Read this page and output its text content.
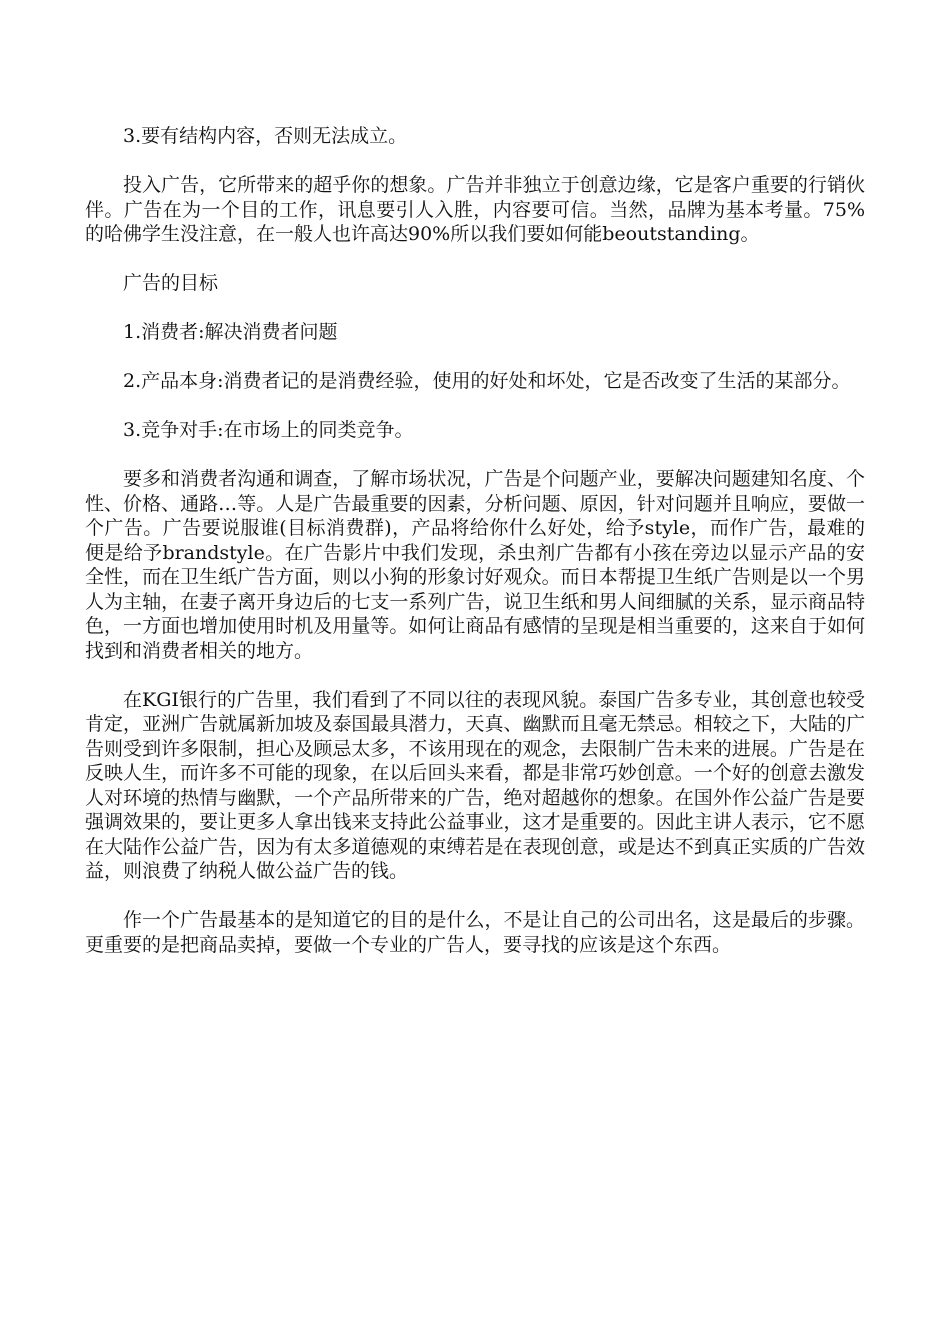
3.要有结构内容，否则无法成立。

投入广告，它所带来的超乎你的想象。广告并非独立于创意边缘，它是客户重要的行销伙伴。广告在为一个目的工作，讯息要引人入胜，内容要可信。当然，品牌为基本考量。75%的哈佛学生没注意，在一般人也许高达90%所以我们要如何能beoutstanding。

广告的目标

1.消费者:解决消费者问题

2.产品本身:消费者记的是消费经验，使用的好处和坏处，它是否改变了生活的某部分。

3.竞争对手:在市场上的同类竞争。

要多和消费者沟通和调查，了解市场状况，广告是个问题产业，要解决问题建知名度、个性、价格、通路…等。人是广告最重要的因素，分析问题、原因，针对问题并且响应，要做一个广告。广告要说服谁(目标消费群)，产品将给你什么好处，给予style，而作广告，最难的便是给予brandstyle。在广告影片中我们发现，杀虫剂广告都有小孩在旁边以显示产品的安全性，而在卫生纸广告方面，则以小狗的形象讨好观众。而日本帮提卫生纸广告则是以一个男人为主轴，在妻子离开身边后的七支一系列广告，说卫生纸和男人间细腻的关系，显示商品特色，一方面也增加使用时机及用量等。如何让商品有感情的呈现是相当重要的，这来自于如何找到和消费者相关的地方。

在KGI银行的广告里，我们看到了不同以往的表现风貌。泰国广告多专业，其创意也较受肯定，亚洲广告就属新加坡及泰国最具潜力，天真、幽默而且毫无禁忌。相较之下，大陆的广告则受到许多限制，担心及顾忌太多，不该用现在的观念，去限制广告未来的进展。广告是在反映人生，而许多不可能的现象，在以后回头来看，都是非常巧妙创意。一个好的创意去激发人对环境的热情与幽默，一个产品所带来的广告，绝对超越你的想象。在国外作公益广告是要强调效果的，要让更多人拿出钱来支持此公益事业，这才是重要的。因此主讲人表示，它不愿在大陆作公益广告，因为有太多道德观的束缚若是在表现创意，或是达不到真正实质的广告效益，则浪费了纳税人做公益广告的钱。

作一个广告最基本的是知道它的目的是什么，不是让自己的公司出名，这是最后的步骤。更重要的是把商品卖掉，要做一个专业的广告人，要寻找的应该是这个东西。
